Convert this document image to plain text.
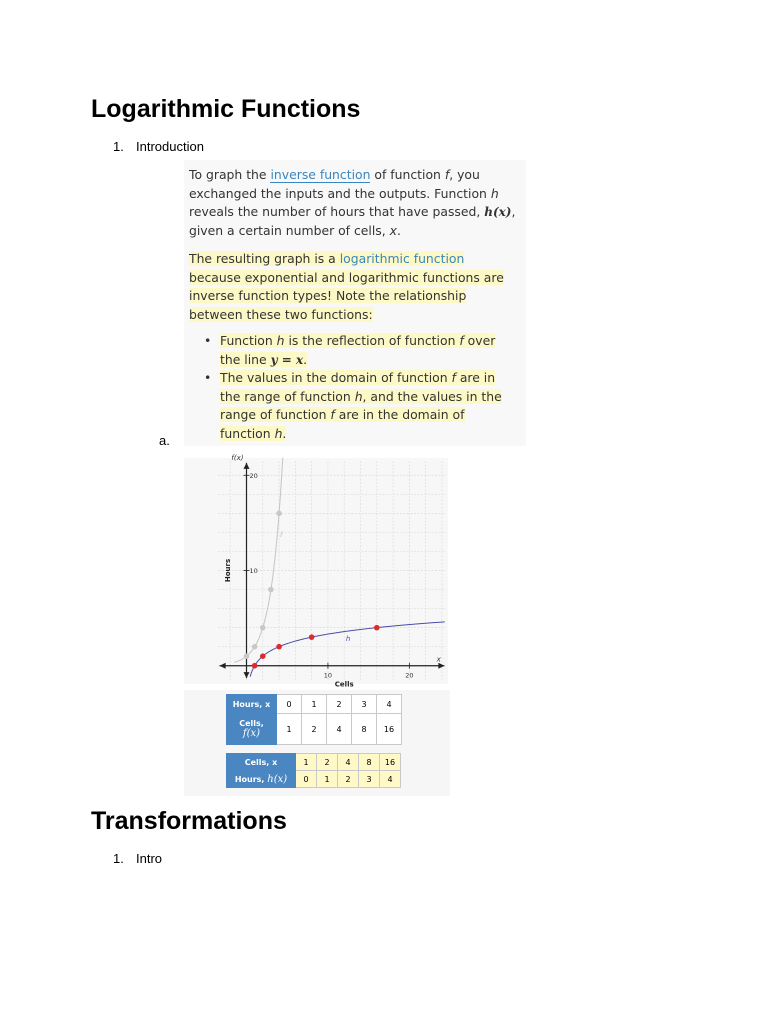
Logarithmic Functions
1. Introduction
a.

To graph the inverse function of function f, you exchanged the inputs and the outputs. Function h reveals the number of hours that have passed, h(x), given a certain number of cells, x.

The resulting graph is a logarithmic function because exponential and logarithmic functions are inverse function types! Note the relationship between these two functions:

• Function h is the reflection of function f over the line y = x.
• The values in the domain of function f are in the range of function h, and the values in the range of function f are in the domain of function h.
10	20
10
20
f(x)
x
Cells
Hours
f
h
Hours, x	0	1	2	3	4
Cells,
f(x)	1	2	4	8	16
Cells, x	1	2	4	8	16
Hours, h(x)	0	1	2	3	4
Transformations
1. Intro
